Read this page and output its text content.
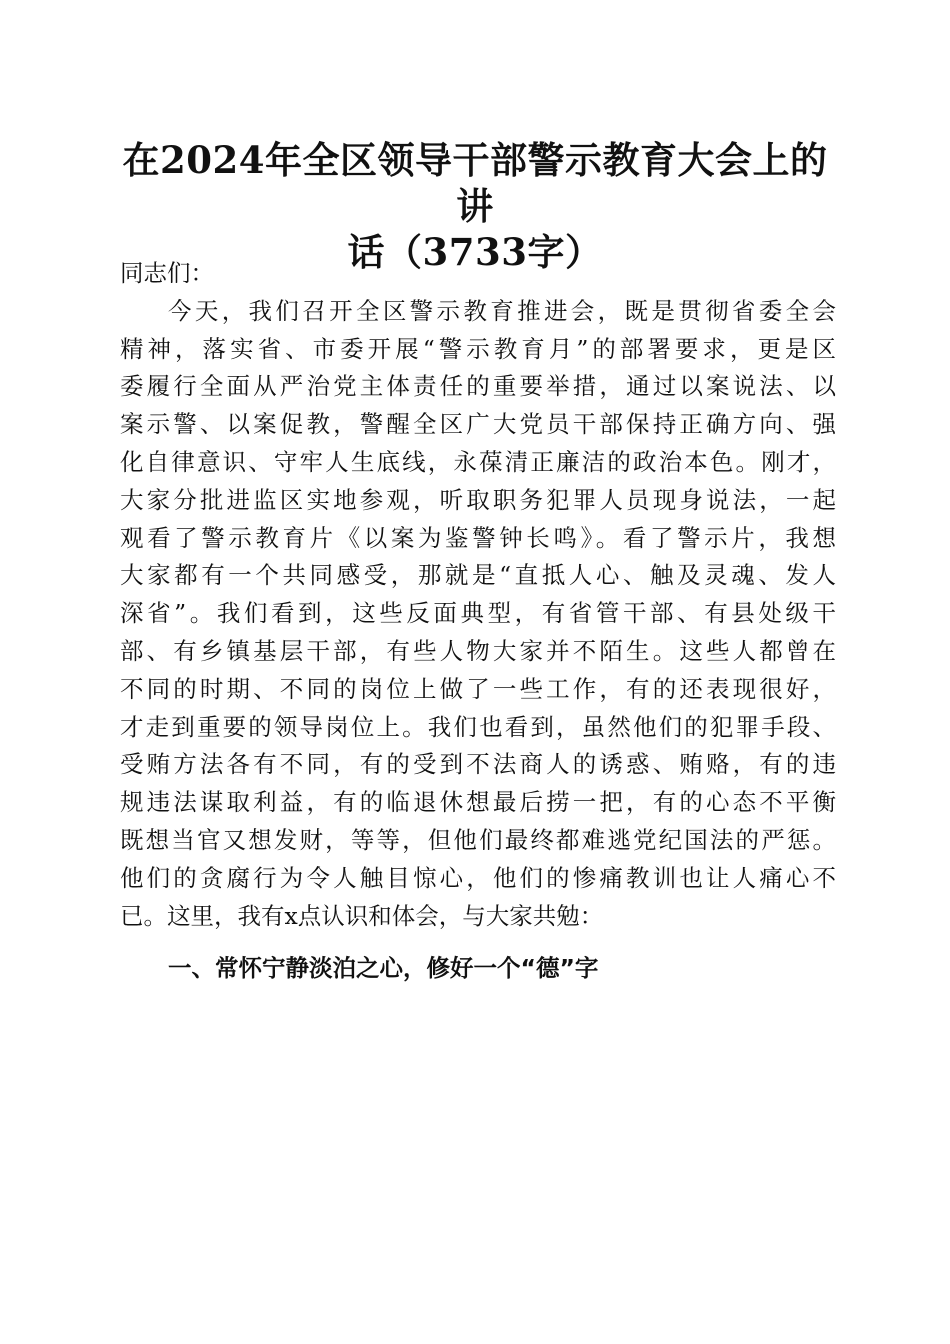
在2024年全区领导干部警示教育大会上的讲
话（3733字）
同志们：
今天，我们召开全区警示教育推进会，既是贯彻省委全会
精神，落实省、市委开展“警示教育月”的部署要求，更是区
委履行全面从严治党主体责任的重要举措，通过以案说法、以
案示警、以案促教，警醒全区广大党员干部保持正确方向、强
化自律意识、守牢人生底线，永葆清正廉洁的政治本色。刚才，
大家分批进监区实地参观，听取职务犯罪人员现身说法，一起
观看了警示教育片《以案为鉴警钟长鸣》。看了警示片，我想
大家都有一个共同感受，那就是“直抵人心、触及灵魂、发人
深省”。我们看到，这些反面典型，有省管干部、有县处级干
部、有乡镇基层干部，有些人物大家并不陌生。这些人都曾在
不同的时期、不同的岗位上做了一些工作，有的还表现很好，
才走到重要的领导岗位上。我们也看到，虽然他们的犯罪手段、
受贿方法各有不同，有的受到不法商人的诱惑、贿赂，有的违
规违法谋取利益，有的临退休想最后捞一把，有的心态不平衡
既想当官又想发财，等等，但他们最终都难逃党纪国法的严惩。
他们的贪腐行为令人触目惊心，他们的惨痛教训也让人痛心不
已。这里，我有x点认识和体会，与大家共勉：
一、常怀宁静淡泊之心，修好一个“德”字
